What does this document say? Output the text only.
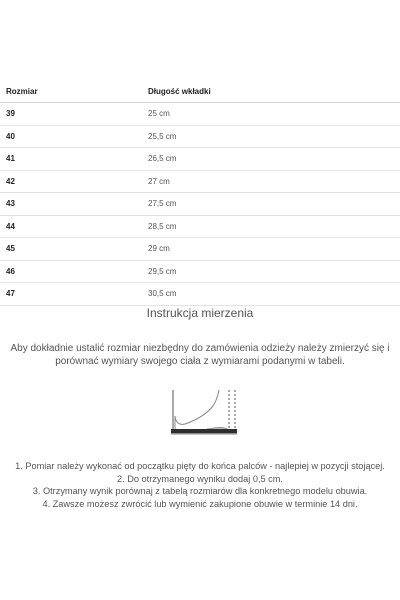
Rozmiar	Długość wkładki
39	25 cm
40	25,5 cm
41	26,5 cm
42	27 cm
43	27,5 cm
44	28,5 cm
45	29 cm
46	29,5 cm
47	30,5 cm
Instrukcja mierzenia
Aby dokładnie ustalić rozmiar niezbędny do zamówienia odzieży należy zmierzyć się i porównać wymiary swojego ciała z wymiarami podanymi w tabeli.
1. Pomiar należy wykonać od początku pięty do końca palców - najlepiej w pozycji stojącej.
2. Do otrzymanego wyniku dodaj 0,5 cm.
3. Otrzymany wynik porównaj z tabelą rozmiarów dla konkretnego modelu obuwia.
4. Zawsze możesz zwrócić lub wymienić zakupione obuwie w terminie 14 dni.
